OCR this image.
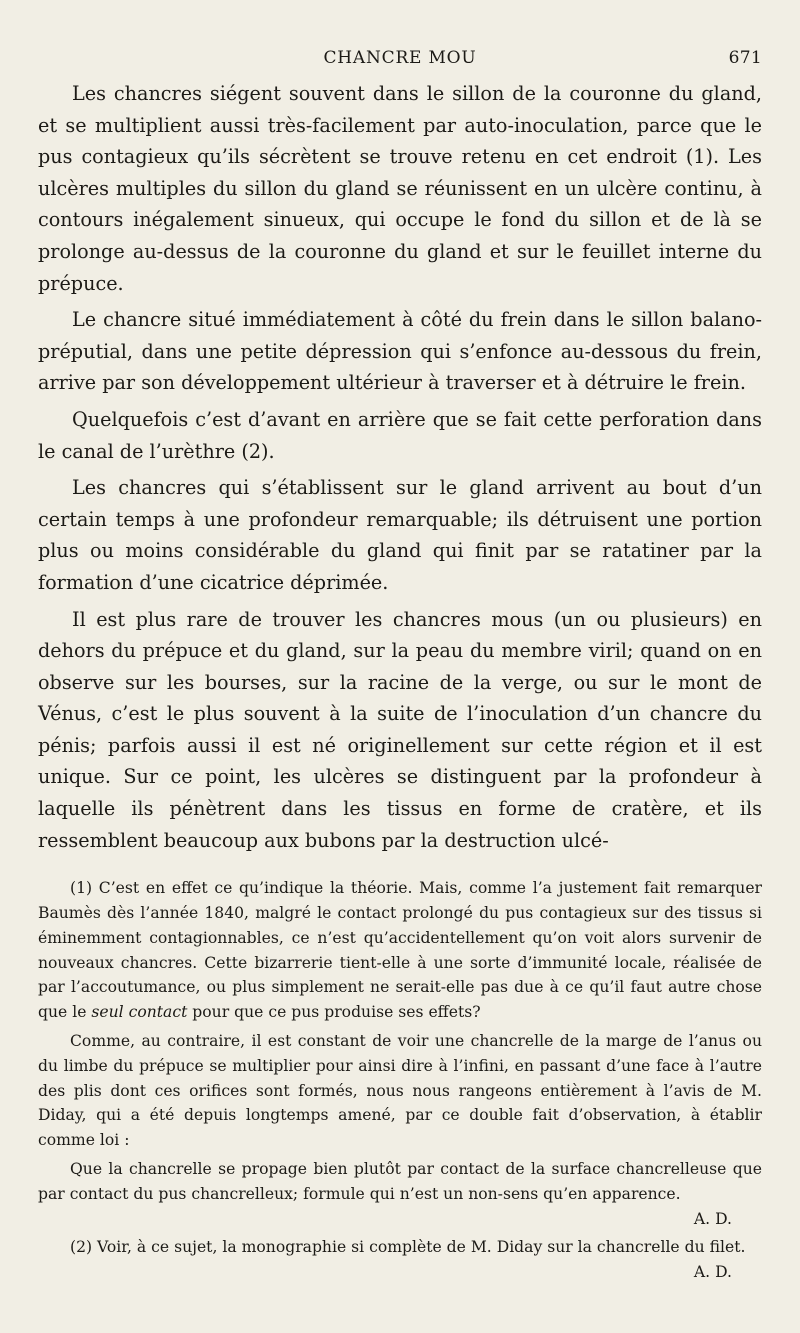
CHANCRE MOU	671

Les chancres siégent souvent dans le sillon de la couronne du gland, et se multiplient aussi très-facilement par auto-inoculation, parce que le pus contagieux qu’ils sécrètent se trouve retenu en cet endroit (1). Les ulcères multiples du sillon du gland se réunissent en un ulcère continu, à contours inégalement sinueux, qui occupe le fond du sillon et de là se prolonge au-dessus de la couronne du gland et sur le feuillet interne du prépuce.

Le chancre situé immédiatement à côté du frein dans le sillon balano-préputial, dans une petite dépression qui s’enfonce au-dessous du frein, arrive par son développement ultérieur à traverser et à détruire le frein.

Quelquefois c’est d’avant en arrière que se fait cette perforation dans le canal de l’urèthre (2).

Les chancres qui s’établissent sur le gland arrivent au bout d’un certain temps à une profondeur remarquable; ils détruisent une portion plus ou moins considérable du gland qui finit par se ratatiner par la formation d’une cicatrice déprimée.

Il est plus rare de trouver les chancres mous (un ou plusieurs) en dehors du prépuce et du gland, sur la peau du membre viril; quand on en observe sur les bourses, sur la racine de la verge, ou sur le mont de Vénus, c’est le plus souvent à la suite de l’inoculation d’un chancre du pénis; parfois aussi il est né originellement sur cette région et il est unique. Sur ce point, les ulcères se distinguent par la profondeur à laquelle ils pénètrent dans les tissus en forme de cratère, et ils ressemblent beaucoup aux bubons par la destruction ulcé-

(1) C’est en effet ce qu’indique la théorie. Mais, comme l’a justement fait remarquer Baumès dès l’année 1840, malgré le contact prolongé du pus contagieux sur des tissus si éminemment contagionnables, ce n’est qu’accidentellement qu’on voit alors survenir de nouveaux chancres. Cette bizarrerie tient-elle à une sorte d’immunité locale, réalisée de par l’accoutumance, ou plus simplement ne serait-elle pas due à ce qu’il faut autre chose que le seul contact pour que ce pus produise ses effets?

Comme, au contraire, il est constant de voir une chancrelle de la marge de l’anus ou du limbe du prépuce se multiplier pour ainsi dire à l’infini, en passant d’une face à l’autre des plis dont ces orifices sont formés, nous nous rangeons entièrement à l’avis de M. Diday, qui a été depuis longtemps amené, par ce double fait d’observation, à établir comme loi :

Que la chancrelle se propage bien plutôt par contact de la surface chancrelleuse que par contact du pus chancrelleux; formule qui n’est un non-sens qu’en apparence.
A. D.

(2) Voir, à ce sujet, la monographie si complète de M. Diday sur la chancrelle du filet.
A. D.
